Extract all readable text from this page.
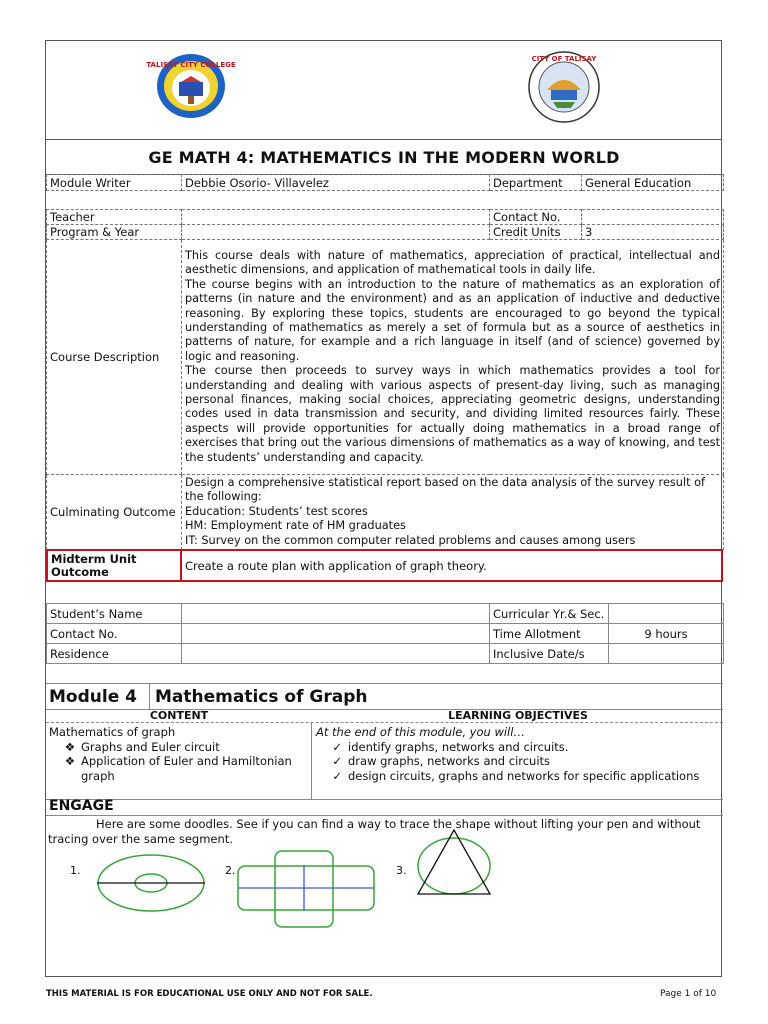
TALISAY CITY COLLEGE
CITY OF TALISAY
GE MATH 4: MATHEMATICS IN THE MODERN WORLD
Module Writer	Debbie Osorio- Villavelez	Department	General Education
Teacher		Contact No.	
Program & Year		Credit Units	3
Course Description	This course deals with nature of mathematics, appreciation of practical, intellectual and aesthetic dimensions, and application of mathematical tools in daily life.
The course begins with an introduction to the nature of mathematics as an exploration of patterns (in nature and the environment) and as an application of inductive and deductive reasoning. By exploring these topics, students are encouraged to go beyond the typical understanding of mathematics as merely a set of formula but as a source of aesthetics in patterns of nature, for example and a rich language in itself (and of science) governed by logic and reasoning.
The course then proceeds to survey ways in which mathematics provides a tool for understanding and dealing with various aspects of present-day living, such as managing personal finances, making social choices, appreciating geometric designs, understanding codes used in data transmission and security, and dividing limited resources fairly. These aspects will provide opportunities for actually doing mathematics in a broad range of exercises that bring out the various dimensions of mathematics as a way of knowing, and test the students’ understanding and capacity.		

Culminating Outcome	Design a comprehensive statistical report based on the data analysis of the survey result of the following:
Education: Students’ test scores
HM: Employment rate of HM graduates
IT: Survey on the common computer related problems and causes among users		
Midterm Unit Outcome	Create a route plan with application of graph theory.
Student’s Name		Curricular Yr.& Sec.	
Contact No.		Time Allotment	9 hours
Residence		Inclusive Date/s	
Module 4	Mathematics of Graph
CONTENT	LEARNING OBJECTIVES
Mathematics of graph
❖ Graphs and Euler circuit
❖ Application of Euler and Hamiltonian graph
At the end of this module, you will…
✓ identify graphs, networks and circuits.
✓ draw graphs, networks and circuits
✓ design circuits, graphs and networks for specific applications
ENGAGE
Here are some doodles. See if you can find a way to trace the shape without lifting your pen and without tracing over the same segment.
1.	2.	3.
THIS MATERIAL IS FOR EDUCATIONAL USE ONLY AND NOT FOR SALE.	Page 1 of 10
